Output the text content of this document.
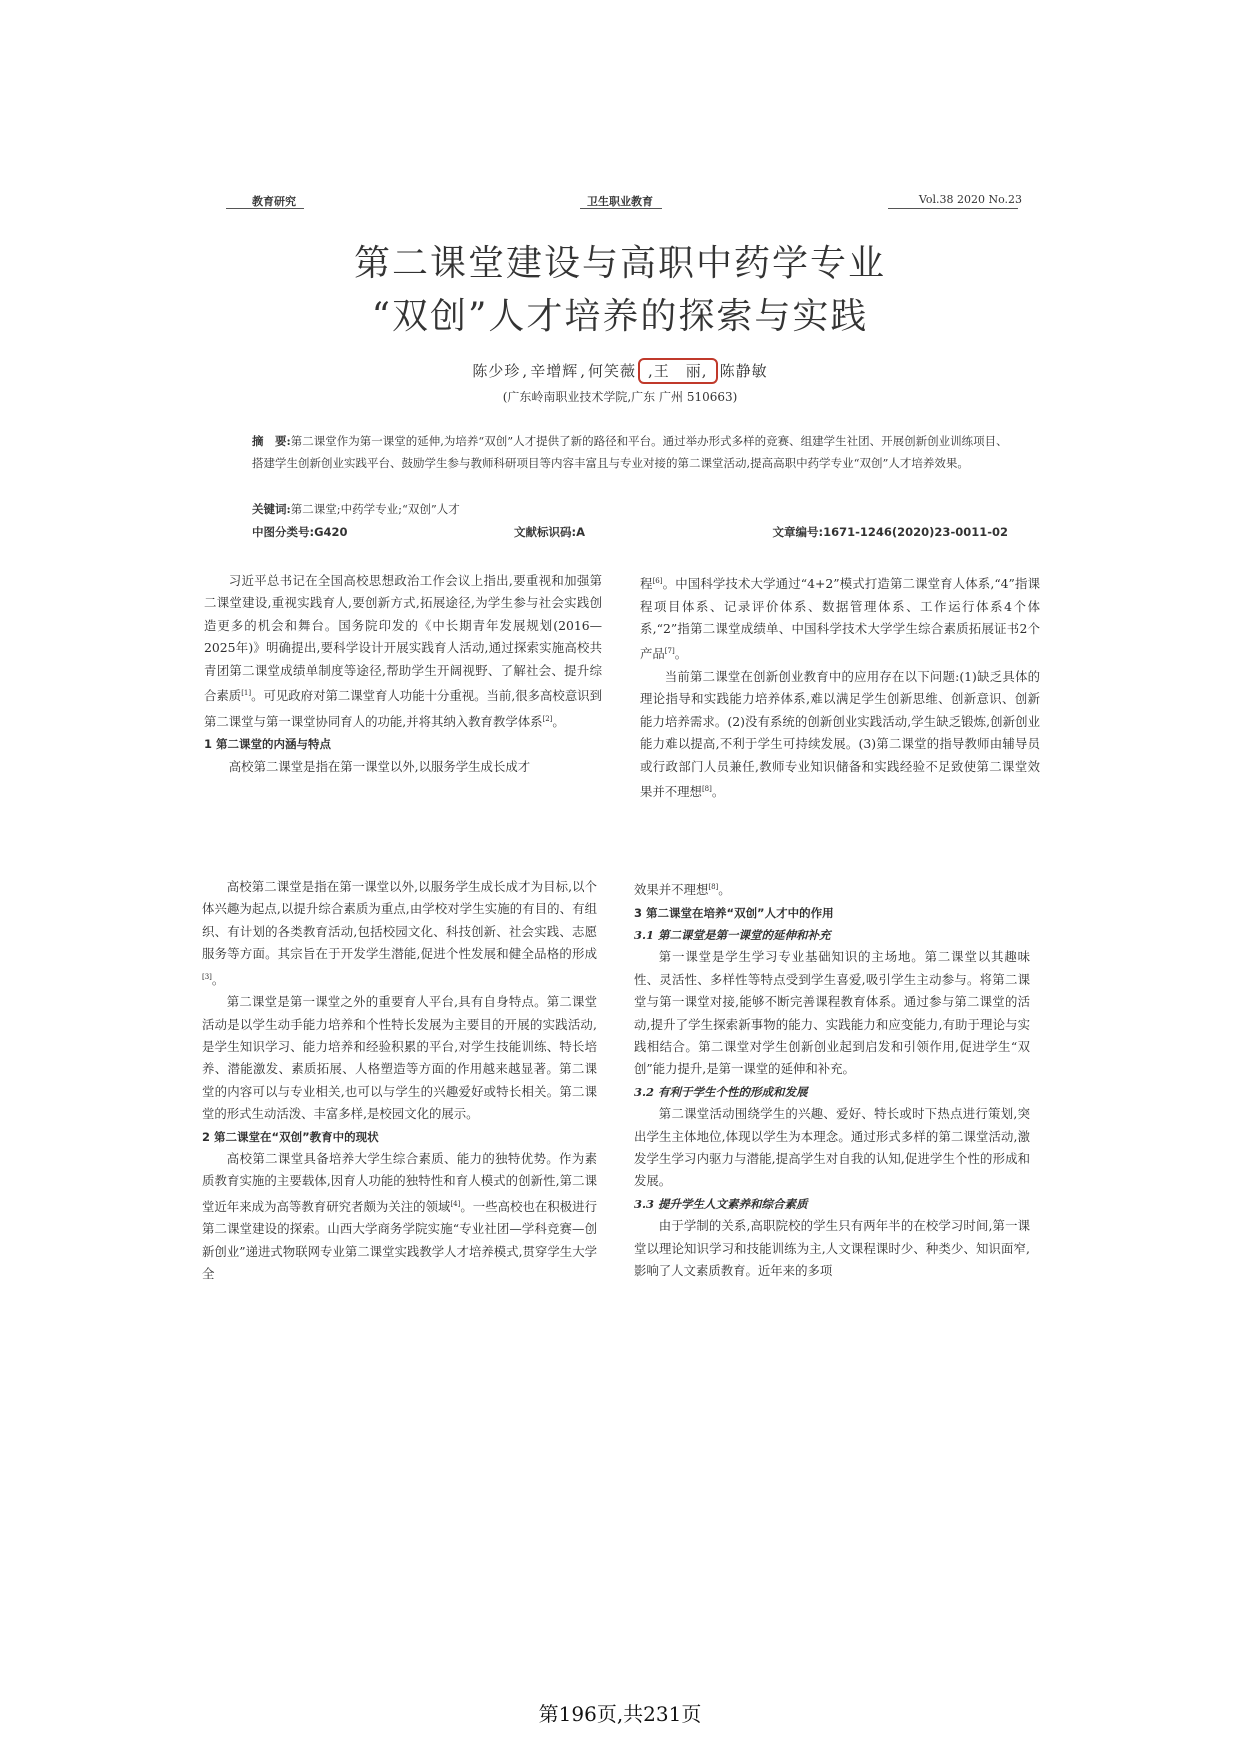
教育研究	卫生职业教育	Vol.38 2020 No.23
第二课堂建设与高职中药学专业
“双创”人才培养的探索与实践
陈少珍 , 辛增辉 , 何笑薇 ,王　丽, 陈静敏
(广东岭南职业技术学院,广东 广州 510663)
摘　要:第二课堂作为第一课堂的延伸,为培养“双创”人才提供了新的路径和平台。通过举办形式多样的竞赛、组建学生社团、开展创新创业训练项目、搭建学生创新创业实践平台、鼓励学生参与教师科研项目等内容丰富且与专业对接的第二课堂活动,提高高职中药学专业“双创”人才培养效果。
关键词:第二课堂;中药学专业;“双创”人才
中图分类号:G420	文献标识码:A	文章编号:1671-1246(2020)23-0011-02

习近平总书记在全国高校思想政治工作会议上指出,要重视和加强第二课堂建设,重视实践育人,要创新方式,拓展途径,为学生参与社会实践创造更多的机会和舞台。国务院印发的《中长期青年发展规划(2016—2025年)》明确提出,要科学设计开展实践育人活动,通过探索实施高校共青团第二课堂成绩单制度等途径,帮助学生开阔视野、了解社会、提升综合素质[1]。可见政府对第二课堂育人功能十分重视。当前,很多高校意识到第二课堂与第一课堂协同育人的功能,并将其纳入教育教学体系[2]。

1 第二课堂的内涵与特点

高校第二课堂是指在第一课堂以外,以服务学生成长成才

程[6]。中国科学技术大学通过“4+2”模式打造第二课堂育人体系,“4”指课程项目体系、记录评价体系、数据管理体系、工作运行体系4个体系,“2”指第二课堂成绩单、中国科学技术大学学生综合素质拓展证书2个产品[7]。

当前第二课堂在创新创业教育中的应用存在以下问题:(1)缺乏具体的理论指导和实践能力培养体系,难以满足学生创新思维、创新意识、创新能力培养需求。(2)没有系统的创新创业实践活动,学生缺乏锻炼,创新创业能力难以提高,不利于学生可持续发展。(3)第二课堂的指导教师由辅导员或行政部门人员兼任,教师专业知识储备和实践经验不足致使第二课堂效果并不理想[8]。

高校第二课堂是指在第一课堂以外,以服务学生成长成才为目标,以个体兴趣为起点,以提升综合素质为重点,由学校对学生实施的有目的、有组织、有计划的各类教育活动,包括校园文化、科技创新、社会实践、志愿服务等方面。其宗旨在于开发学生潜能,促进个性发展和健全品格的形成[3]。

第二课堂是第一课堂之外的重要育人平台,具有自身特点。第二课堂活动是以学生动手能力培养和个性特长发展为主要目的开展的实践活动,是学生知识学习、能力培养和经验积累的平台,对学生技能训练、特长培养、潜能激发、素质拓展、人格塑造等方面的作用越来越显著。第二课堂的内容可以与专业相关,也可以与学生的兴趣爱好或特长相关。第二课堂的形式生动活泼、丰富多样,是校园文化的展示。

2 第二课堂在“双创”教育中的现状

高校第二课堂具备培养大学生综合素质、能力的独特优势。作为素质教育实施的主要载体,因育人功能的独特性和育人模式的创新性,第二课堂近年来成为高等教育研究者颇为关注的领域[4]。一些高校也在积极进行第二课堂建设的探索。山西大学商务学院实施“专业社团—学科竞赛—创新创业”递进式物联网专业第二课堂实践教学人才培养模式,贯穿学生大学全

效果并不理想[8]。

3 第二课堂在培养“双创”人才中的作用
3.1 第二课堂是第一课堂的延伸和补充

第一课堂是学生学习专业基础知识的主场地。第二课堂以其趣味性、灵活性、多样性等特点受到学生喜爱,吸引学生主动参与。将第二课堂与第一课堂对接,能够不断完善课程教育体系。通过参与第二课堂的活动,提升了学生探索新事物的能力、实践能力和应变能力,有助于理论与实践相结合。第二课堂对学生创新创业起到启发和引领作用,促进学生“双创”能力提升,是第一课堂的延伸和补充。

3.2 有利于学生个性的形成和发展

第二课堂活动围绕学生的兴趣、爱好、特长或时下热点进行策划,突出学生主体地位,体现以学生为本理念。通过形式多样的第二课堂活动,激发学生学习内驱力与潜能,提高学生对自我的认知,促进学生个性的形成和发展。

3.3 提升学生人文素养和综合素质

由于学制的关系,高职院校的学生只有两年半的在校学习时间,第一课堂以理论知识学习和技能训练为主,人文课程课时少、种类少、知识面窄,影响了人文素质教育。近年来的多项

第196页,共231页
